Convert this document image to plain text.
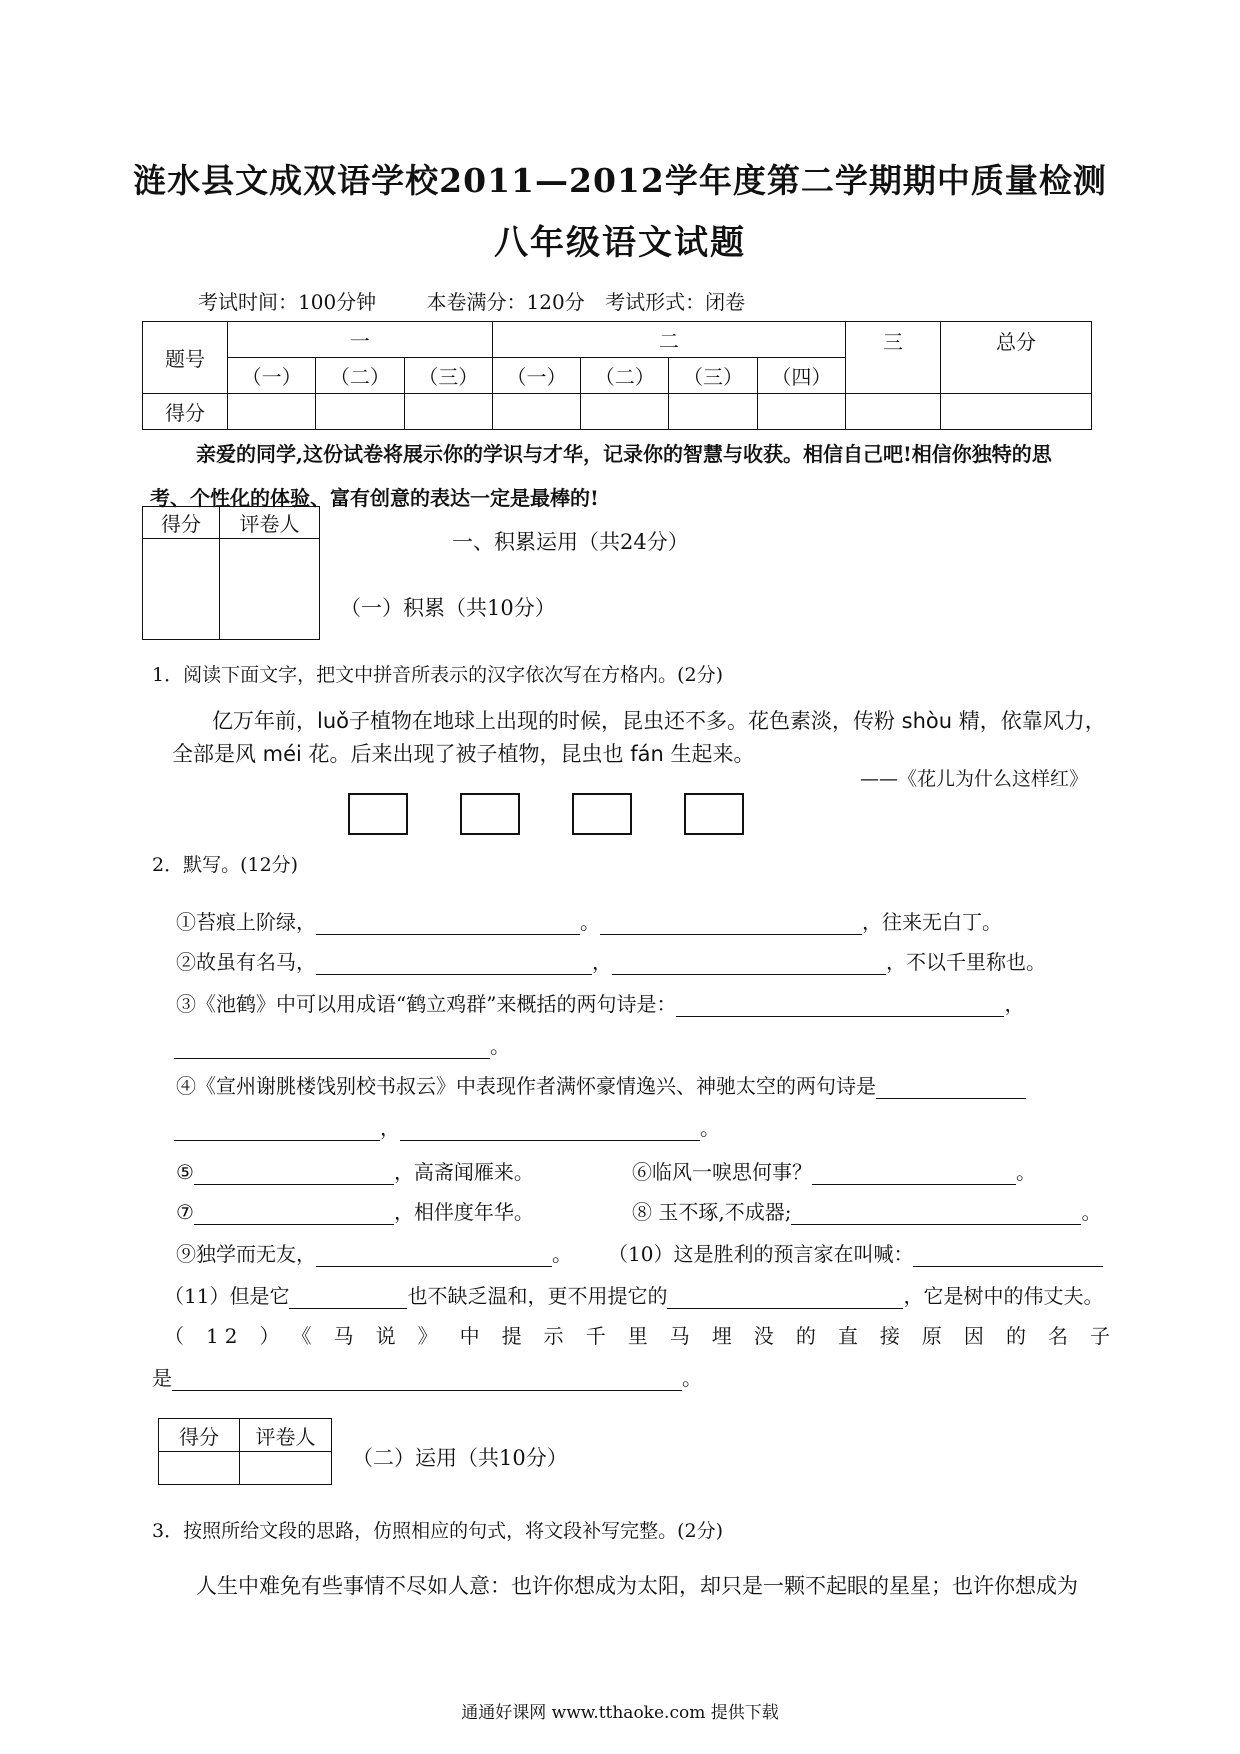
涟水县文成双语学校2011—2012学年度第二学期期中质量检测
八年级语文试题
考试时间：100分钟	本卷满分：120分 考试形式：闭卷
题号	一			二				三	总分
	（一）	（二）	（三）	（一）	（二）	（三）	（四）		
得分									
亲爱的同学,这份试卷将展示你的学识与才华，记录你的智慧与收获。相信自己吧!相信你独特的思
考、个性化的体验、富有创意的表达一定是最棒的!
得分	评卷人

一、积累运用（共24分）
（一）积累（共10分）
1．阅读下面文字，把文中拼音所表示的汉字依次写在方格内。(2分)
亿万年前，luǒ子植物在地球上出现的时候，昆虫还不多。花色素淡，传粉 shòu 精，依靠风力，
全部是风 méi 花。后来出现了被子植物，昆虫也 fán 生起来。
——《花儿为什么这样红》
2．默写。(12分)
①苔痕上阶绿，	。	，往来无白丁。
②故虽有名马，	，	，不以千里称也。
③《池鹤》中可以用成语“鹤立鸡群”来概括的两句诗是：	，
。
④《宣州谢朓楼饯别校书叔云》中表现作者满怀豪情逸兴、神驰太空的两句诗是
，	。
⑤	，高斋闻雁来。	⑥临风一唳思何事？	。
⑦	，相伴度年华。	⑧ 玉不琢,不成器;	。
⑨独学而无友，	。 （10）这是胜利的预言家在叫喊：
（11）但是它	也不缺乏温和，更不用提它的	，它是树中的伟丈夫。
（12）《马说》中提示千里马埋没的直接原因的名子
是	。
得分	评卷人

（二）运用（共10分）
3．按照所给文段的思路，仿照相应的句式，将文段补写完整。(2分)
人生中难免有些事情不尽如人意：也许你想成为太阳，却只是一颗不起眼的星星；也许你想成为
通通好课网 www.tthaoke.com 提供下载
